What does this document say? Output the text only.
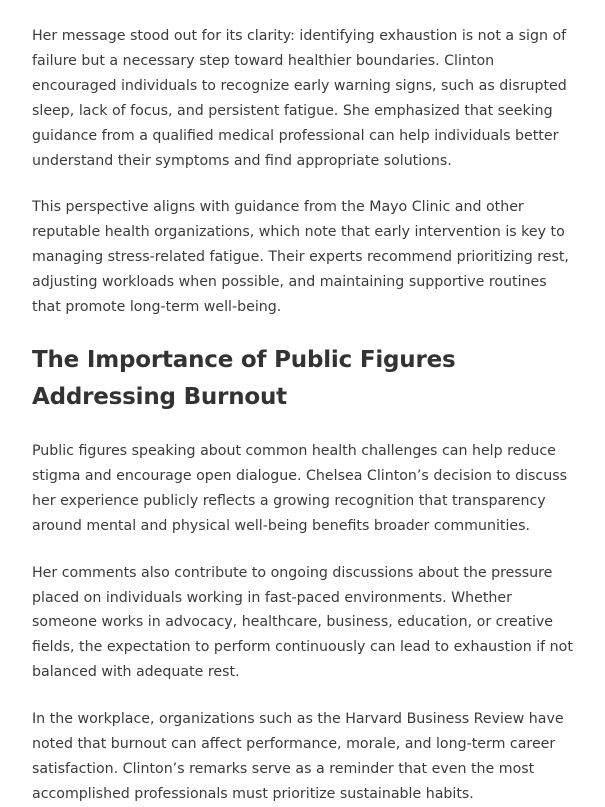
Her message stood out for its clarity: identifying exhaustion is not a sign of failure but a necessary step toward healthier boundaries. Clinton encouraged individuals to recognize early warning signs, such as disrupted sleep, lack of focus, and persistent fatigue. She emphasized that seeking guidance from a qualified medical professional can help individuals better understand their symptoms and find appropriate solutions.

This perspective aligns with guidance from the Mayo Clinic and other reputable health organizations, which note that early intervention is key to managing stress-related fatigue. Their experts recommend prioritizing rest, adjusting workloads when possible, and maintaining supportive routines that promote long-term well-being.

The Importance of Public Figures Addressing Burnout

Public figures speaking about common health challenges can help reduce stigma and encourage open dialogue. Chelsea Clinton’s decision to discuss her experience publicly reflects a growing recognition that transparency around mental and physical well-being benefits broader communities.

Her comments also contribute to ongoing discussions about the pressure placed on individuals working in fast-paced environments. Whether someone works in advocacy, healthcare, business, education, or creative fields, the expectation to perform continuously can lead to exhaustion if not balanced with adequate rest.

In the workplace, organizations such as the Harvard Business Review have noted that burnout can affect performance, morale, and long-term career satisfaction. Clinton’s remarks serve as a reminder that even the most accomplished professionals must prioritize sustainable habits.
